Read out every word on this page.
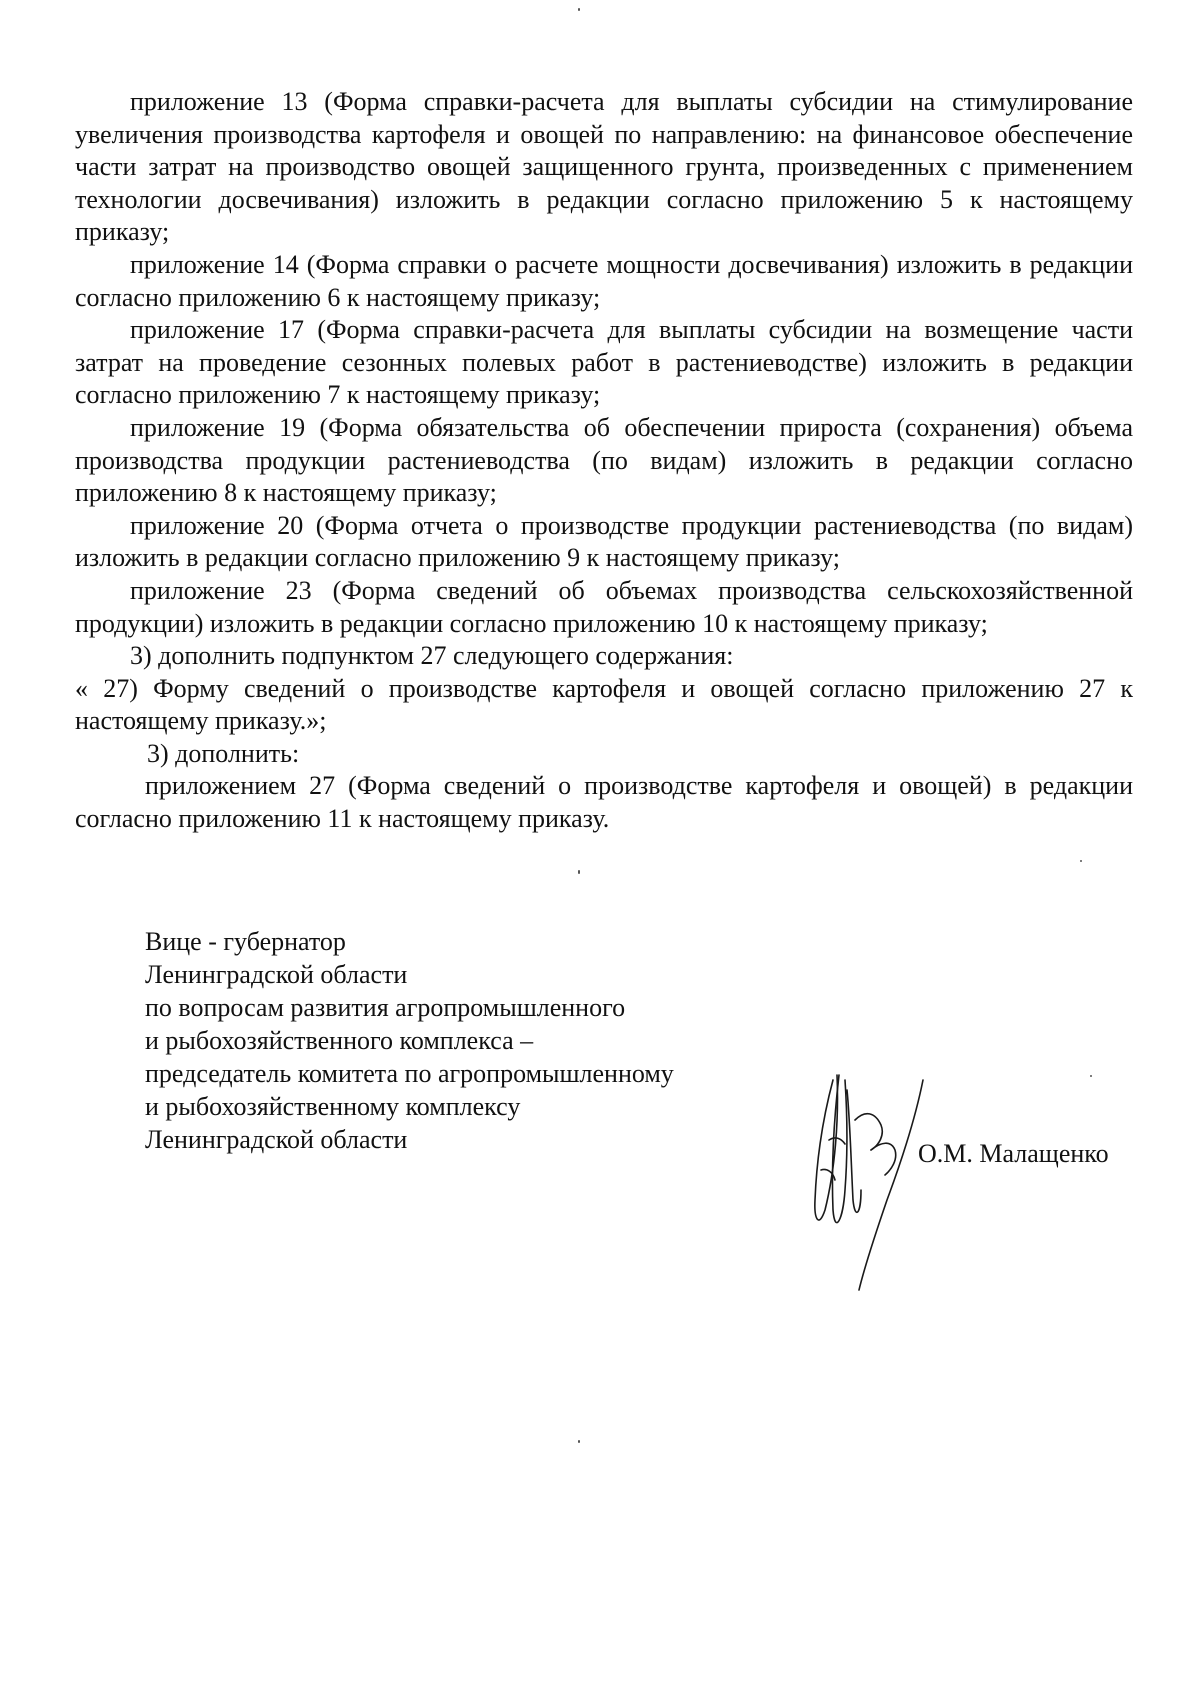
приложение 13 (Форма справки-расчета для выплаты субсидии на стимулирование увеличения производства картофеля и овощей по направлению: на финансовое обеспечение части затрат на производство овощей защищенного грунта, произведенных с применением технологии досвечивания) изложить в редакции согласно приложению 5 к настоящему приказу;

приложение 14 (Форма справки о расчете мощности досвечивания) изложить в редакции согласно приложению 6 к настоящему приказу;

приложение 17 (Форма справки-расчета для выплаты субсидии на возмещение части затрат на проведение сезонных полевых работ в растениеводстве) изложить в редакции согласно приложению 7 к настоящему приказу;

приложение 19 (Форма обязательства об обеспечении прироста (сохранения) объема производства продукции растениеводства (по видам) изложить в редакции согласно приложению 8 к настоящему приказу;

приложение 20 (Форма отчета о производстве продукции растениеводства (по видам) изложить в редакции согласно приложению 9 к настоящему приказу;

приложение 23 (Форма сведений об объемах производства сельскохозяйственной продукции) изложить в редакции согласно приложению 10 к настоящему приказу;

3) дополнить подпунктом 27 следующего содержания:

« 27) Форму сведений о производстве картофеля и овощей согласно приложению 27 к настоящему приказу.»;

3) дополнить:

приложением 27 (Форма сведений о производстве картофеля и овощей) в редакции согласно приложению 11 к настоящему приказу.

Вице - губернатор
Ленинградской области
по вопросам развития агропромышленного
и рыбохозяйственного комплекса –
председатель комитета по агропромышленному
и рыбохозяйственному комплексу
Ленинградской области	О.М. Малащенко
